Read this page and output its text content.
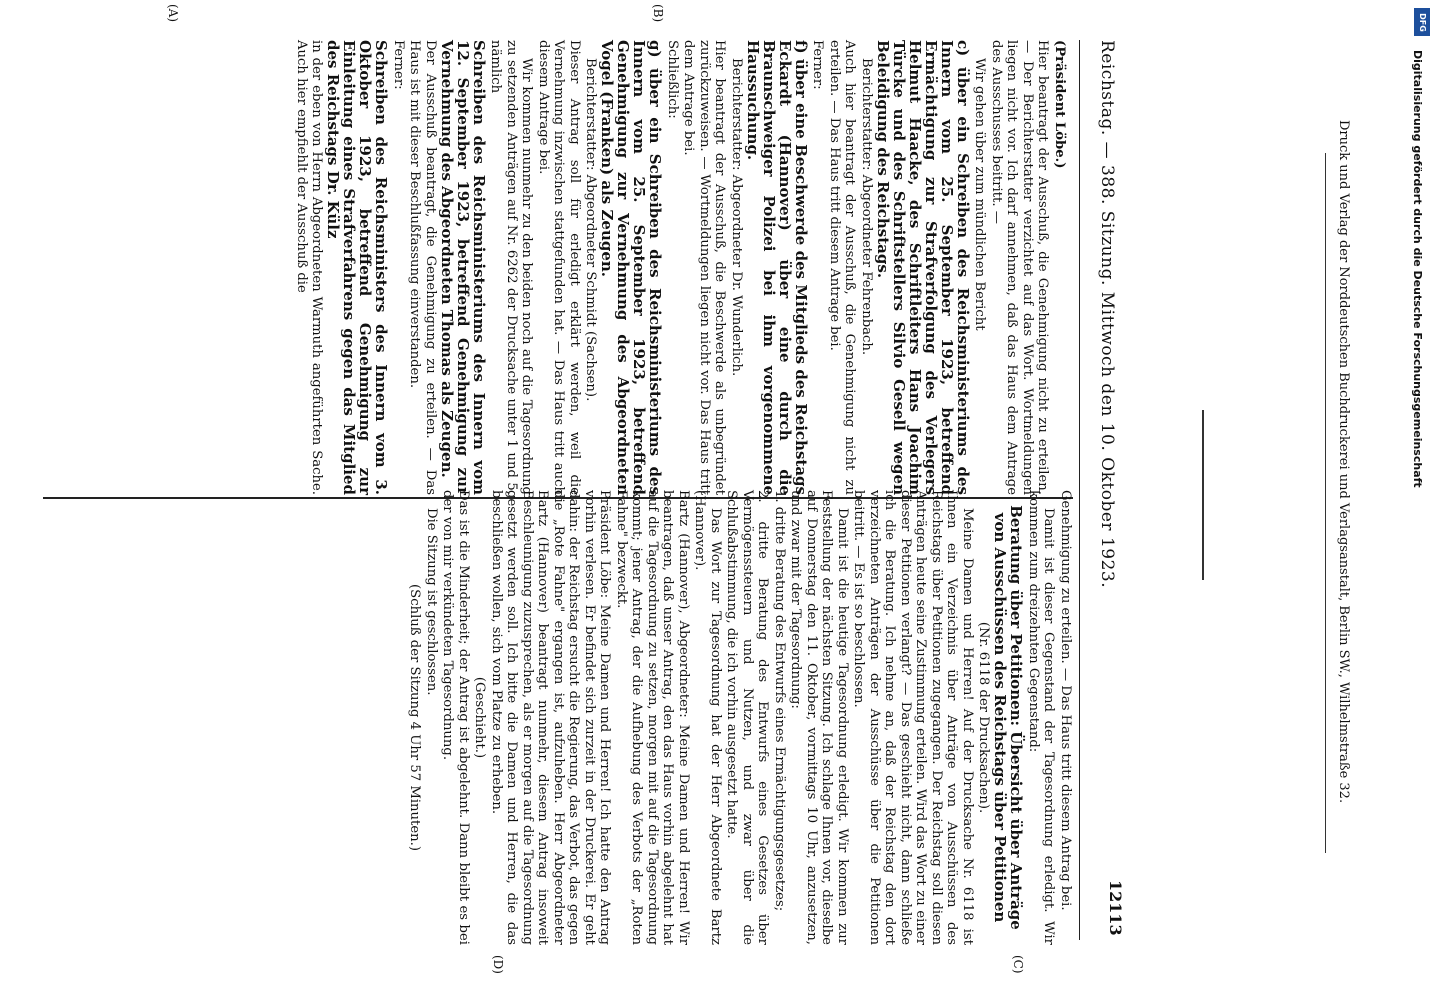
Reichstag. — 388. Sitzung. Mittwoch den 10. Oktober 1923.
12113

(Präsident Löbe.)

Hier beantragt der Ausschuß, die Genehmigung nicht zu erteilen. — Der Berichterstatter verzichtet auf das Wort. Wortmeldungen liegen nicht vor. Ich darf annehmen, daß das Haus dem Antrage des Ausschusses beitritt. —

Wir gehen über zum mündlichen Bericht

c) über ein Schreiben des Reichsministeriums des Innern vom 25. September 1923, betreffend Ermächtigung zur Strafverfolgung des Verlegers Helmut Haacke, des Schriftleiters Hans Joachim Türcke und des Schriftstellers Silvio Gesell wegen Beleidigung des Reichstags.

Berichterstatter: Abgeordneter Fehrenbach.

Auch hier beantragt der Ausschuß, die Genehmigung nicht zu erteilen. — Das Haus tritt diesem Antrage bei.

Ferner:

f) über eine Beschwerde des Mitglieds des Reichstags Eckardt (Hannover) über eine durch die Braunschweiger Polizei bei ihm vorgenommene Haussuchung.

Berichterstatter: Abgeordneter Dr. Wunderlich.

Hier beantragt der Ausschuß, die Beschwerde als unbegründet zurückzuweisen. — Wortmeldungen liegen nicht vor. Das Haus tritt dem Antrage bei.

Schließlich:

g) über ein Schreiben des Reichsministeriums des Innern vom 25. September 1923, betreffend Genehmigung zur Vernehmung des Abgeordneten Vogel (Franken) als Zeugen.

Berichterstatter: Abgeordneter Schmidt (Sachsen).

Dieser Antrag soll für erledigt erklärt werden, weil die Vernehmung inzwischen stattgefunden hat. — Das Haus tritt auch diesem Antrage bei.

Wir kommen nunmehr zu den beiden noch auf die Tagesordnung zu setzenden Anträgen auf Nr. 6262 der Drucksache unter 1 und 5, nämlich

Schreiben des Reichsministeriums des Innern vom 12. September 1923, betreffend Genehmigung zur Vernehmung des Abgeordneten Thomas als Zeugen.

Der Ausschuß beantragt, die Genehmigung zu erteilen. — Das Haus ist mit dieser Beschlußfassung einverstanden.

Ferner:

Schreiben des Reichsministers des Innern vom 3. Oktober 1923, betreffend Genehmigung zur Einleitung eines Strafverfahrens gegen das Mitglied des Reichstags Dr. Külz

in der eben von Herrn Abgeordneten Warmuth angeführten Sache. Auch hier empfiehlt der Ausschuß die

Genehmigung zu erteilen. — Das Haus tritt diesem Antrag bei.

Damit ist dieser Gegenstand der Tagesordnung erledigt. Wir kommen zum dreizehnten Gegenstand:

Beratung über Petitionen: Übersicht über Anträge von Ausschüssen des Reichstags über Petitionen

(Nr. 6118 der Drucksachen).

Meine Damen und Herren! Auf der Drucksache Nr. 6118 ist Ihnen ein Verzeichnis über Anträge von Ausschüssen des Reichstags über Petitionen zugegangen. Der Reichstag soll diesen Anträgen heute seine Zustimmung erteilen. Wird das Wort zu einer dieser Petitionen verlangt? — Das geschieht nicht, dann schließe ich die Beratung. Ich nehme an, daß der Reichstag den dort verzeichneten Anträgen der Ausschüsse über die Petitionen beitritt. — Es ist so beschlossen.

Damit ist die heutige Tagesordnung erledigt. Wir kommen zur Feststellung der nächsten Sitzung. Ich schlage Ihnen vor, dieselbe auf Donnerstag den 11. Oktober, vormittags 10 Uhr, anzusetzen, und zwar mit der Tagesordnung:

1. dritte Beratung des Entwurfs eines Ermächtigungsgesetzes;

2. dritte Beratung des Entwurfs eines Gesetzes über Vermögenssteuern und Nutzen, und zwar über die Schlußabstimmung, die ich vorhin ausgesetzt hatte.

Das Wort zur Tagesordnung hat der Herr Abgeordnete Bartz (Hannover).

Bartz (Hannover), Abgeordneter: Meine Damen und Herren! Wir beantragen, daß unser Antrag, den das Haus vorhin abgelehnt hat auf die Tagesordnung zu setzen, morgen mit auf die Tagesordnung kommt; jener Antrag, der die Aufhebung des Verbots der „Roten Fahne" bezweckt.

Präsident Löbe: Meine Damen und Herren! Ich hatte den Antrag vorhin verlesen. Er befindet sich zurzeit in der Druckerei. Er geht dahin: der Reichstag ersucht die Regierung, das Verbot, das gegen die „Rote Fahne" ergangen ist, aufzuheben. Herr Abgeordneter Bartz (Hannover) beantragt nunmehr, diesem Antrag insoweit Beschleunigung zuzusprechen, als er morgen auf die Tagesordnung gesetzt werden soll. Ich bitte die Damen und Herren, die das beschließen wollen, sich vom Platze zu erheben.

(Geschieht.)

Das ist die Minderheit; der Antrag ist abgelehnt. Dann bleibt es bei der von mir verkündeten Tagesordnung.

Die Sitzung ist geschlossen.

(Schluß der Sitzung 4 Uhr 57 Minuten.)

(A)	(B)
(C)
(D)
Druck und Verlag der Norddeutschen Buchdruckerei und Verlagsanstalt, Berlin SW., Wilhelmstraße 32.	Digitalisierung gefördert durch die Deutsche Forschungsgemeinschaft
DFG
